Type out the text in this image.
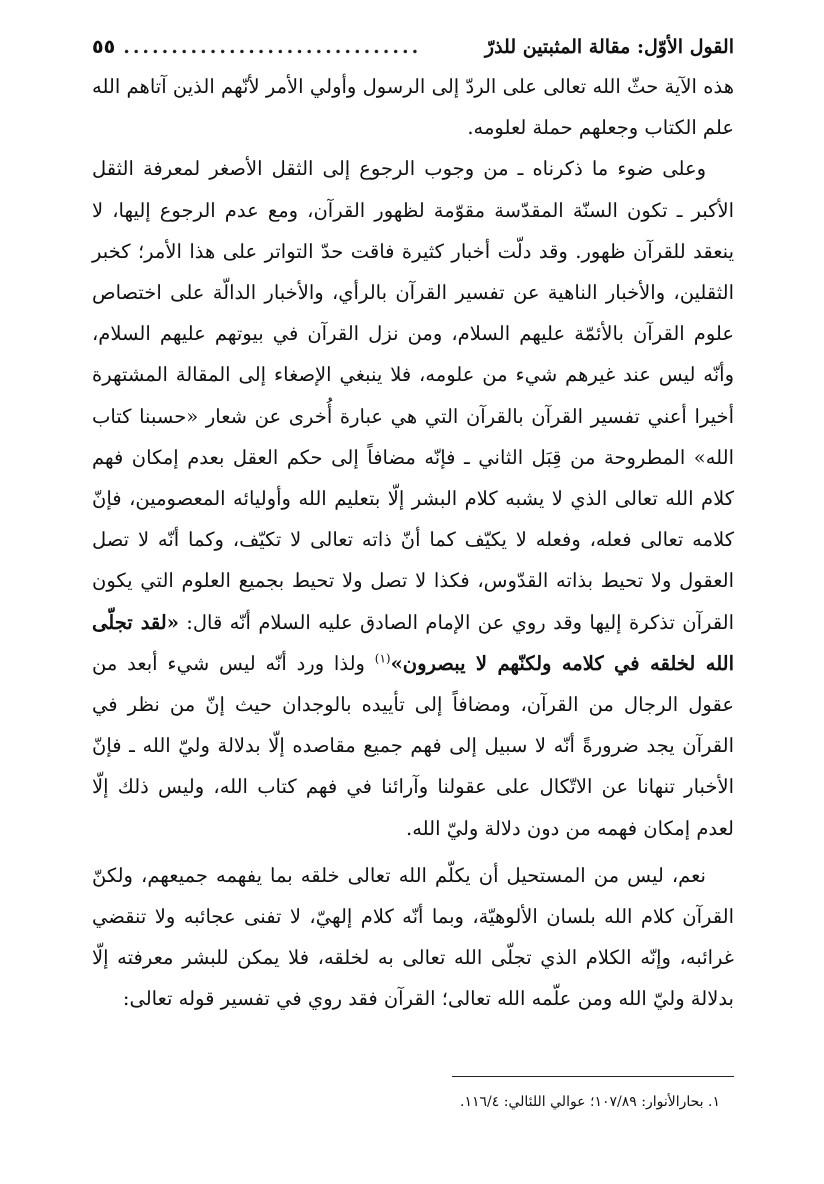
القول الأوّل: مقالة المثبتين للذرّ
...............................
٥٥

هذه الآية حثّ الله تعالى على الردّ إلى الرسول وأولي الأمر لأنّهم الذين آتاهم الله علم الكتاب وجعلهم حملة لعلومه.

وعلى ضوء ما ذكرناه ـ من وجوب الرجوع إلى الثقل الأصغر لمعرفة الثقل الأكبر ـ تكون السنّة المقدّسة مقوّمة لظهور القرآن، ومع عدم الرجوع إليها، لا ينعقد للقرآن ظهور. وقد دلّت أخبار كثيرة فاقت حدّ التواتر على هذا الأمر؛ كخبر الثقلين، والأخبار الناهية عن تفسير القرآن بالرأي، والأخبار الدالّة على اختصاص علوم القرآن بالأئمّة عليهم السلام، ومن نزل القرآن في بيوتهم عليهم السلام، وأنّه ليس عند غيرهم شيء من علومه، فلا ينبغي الإصغاء إلى المقالة المشتهرة أخيرا أعني تفسير القرآن بالقرآن التي هي عبارة أُخرى عن شعار «حسبنا كتاب الله» المطروحة من قِبَل الثاني ـ فإنّه مضافاً إلى حكم العقل بعدم إمكان فهم كلام الله تعالى الذي لا يشبه كلام البشر إلّا بتعليم الله وأوليائه المعصومين، فإنّ كلامه تعالى فعله، وفعله لا يكيّف كما أنّ ذاته تعالى لا تكيّف، وكما أنّه لا تصل العقول ولا تحيط بذاته القدّوس، فكذا لا تصل ولا تحيط بجميع العلوم التي يكون القرآن تذكرة إليها وقد روي عن الإمام الصادق عليه السلام أنّه قال: «لقد تجلّى الله لخلقه في كلامه ولكنّهم لا يبصرون»$^{(١)}$ ولذا ورد أنّه ليس شيء أبعد من عقول الرجال من القرآن، ومضافاً إلى تأييده بالوجدان حيث إنّ من نظر في القرآن يجد ضرورةً أنّه لا سبيل إلى فهم جميع مقاصده إلّا بدلالة وليّ الله ـ فإنّ الأخبار تنهانا عن الاتّكال على عقولنا وآرائنا في فهم كتاب الله، وليس ذلك إلّا لعدم إمكان فهمه من دون دلالة وليّ الله.

نعم، ليس من المستحيل أن يكلّم الله تعالى خلقه بما يفهمه جميعهم، ولكنّ القرآن كلام الله بلسان الألوهيّة، وبما أنّه كلام إلهيّ، لا تفنى عجائبه ولا تنقضي غرائبه، وإنّه الكلام الذي تجلّى الله تعالى به لخلقه، فلا يمكن للبشر معرفته إلّا بدلالة وليّ الله ومن علّمه الله تعالى؛ القرآن فقد روي في تفسير قوله تعالى:

١. بحارالأنوار: ١٠٧/٨٩؛ عوالي اللئالي: ١١٦/٤.
